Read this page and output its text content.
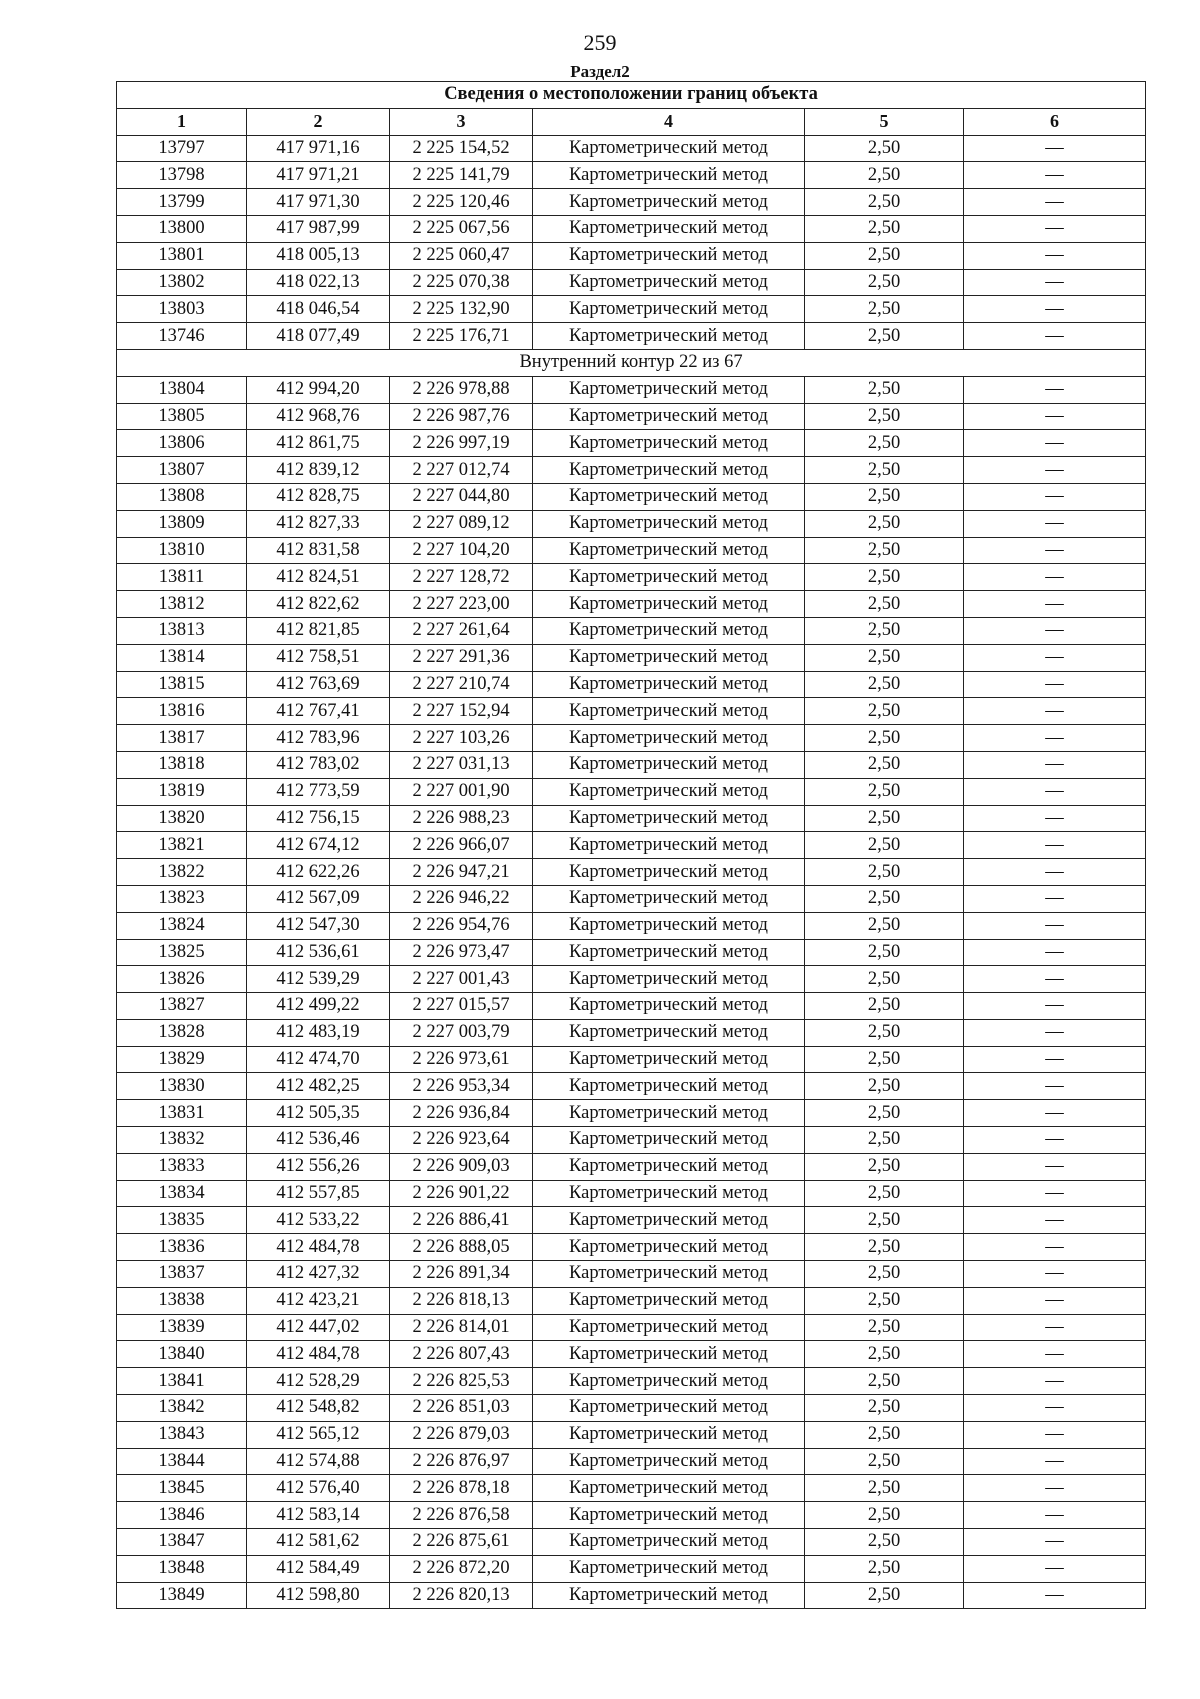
259
Раздел2
Сведения о местоположении границ объекта					
1	2	3	4	5	6
13797	417 971,16	2 225 154,52	Картометрический метод	2,50	—
13798	417 971,21	2 225 141,79	Картометрический метод	2,50	—
13799	417 971,30	2 225 120,46	Картометрический метод	2,50	—
13800	417 987,99	2 225 067,56	Картометрический метод	2,50	—
13801	418 005,13	2 225 060,47	Картометрический метод	2,50	—
13802	418 022,13	2 225 070,38	Картометрический метод	2,50	—
13803	418 046,54	2 225 132,90	Картометрический метод	2,50	—
13746	418 077,49	2 225 176,71	Картометрический метод	2,50	—
Внутренний контур 22 из 67					
13804	412 994,20	2 226 978,88	Картометрический метод	2,50	—
13805	412 968,76	2 226 987,76	Картометрический метод	2,50	—
13806	412 861,75	2 226 997,19	Картометрический метод	2,50	—
13807	412 839,12	2 227 012,74	Картометрический метод	2,50	—
13808	412 828,75	2 227 044,80	Картометрический метод	2,50	—
13809	412 827,33	2 227 089,12	Картометрический метод	2,50	—
13810	412 831,58	2 227 104,20	Картометрический метод	2,50	—
13811	412 824,51	2 227 128,72	Картометрический метод	2,50	—
13812	412 822,62	2 227 223,00	Картометрический метод	2,50	—
13813	412 821,85	2 227 261,64	Картометрический метод	2,50	—
13814	412 758,51	2 227 291,36	Картометрический метод	2,50	—
13815	412 763,69	2 227 210,74	Картометрический метод	2,50	—
13816	412 767,41	2 227 152,94	Картометрический метод	2,50	—
13817	412 783,96	2 227 103,26	Картометрический метод	2,50	—
13818	412 783,02	2 227 031,13	Картометрический метод	2,50	—
13819	412 773,59	2 227 001,90	Картометрический метод	2,50	—
13820	412 756,15	2 226 988,23	Картометрический метод	2,50	—
13821	412 674,12	2 226 966,07	Картометрический метод	2,50	—
13822	412 622,26	2 226 947,21	Картометрический метод	2,50	—
13823	412 567,09	2 226 946,22	Картометрический метод	2,50	—
13824	412 547,30	2 226 954,76	Картометрический метод	2,50	—
13825	412 536,61	2 226 973,47	Картометрический метод	2,50	—
13826	412 539,29	2 227 001,43	Картометрический метод	2,50	—
13827	412 499,22	2 227 015,57	Картометрический метод	2,50	—
13828	412 483,19	2 227 003,79	Картометрический метод	2,50	—
13829	412 474,70	2 226 973,61	Картометрический метод	2,50	—
13830	412 482,25	2 226 953,34	Картометрический метод	2,50	—
13831	412 505,35	2 226 936,84	Картометрический метод	2,50	—
13832	412 536,46	2 226 923,64	Картометрический метод	2,50	—
13833	412 556,26	2 226 909,03	Картометрический метод	2,50	—
13834	412 557,85	2 226 901,22	Картометрический метод	2,50	—
13835	412 533,22	2 226 886,41	Картометрический метод	2,50	—
13836	412 484,78	2 226 888,05	Картометрический метод	2,50	—
13837	412 427,32	2 226 891,34	Картометрический метод	2,50	—
13838	412 423,21	2 226 818,13	Картометрический метод	2,50	—
13839	412 447,02	2 226 814,01	Картометрический метод	2,50	—
13840	412 484,78	2 226 807,43	Картометрический метод	2,50	—
13841	412 528,29	2 226 825,53	Картометрический метод	2,50	—
13842	412 548,82	2 226 851,03	Картометрический метод	2,50	—
13843	412 565,12	2 226 879,03	Картометрический метод	2,50	—
13844	412 574,88	2 226 876,97	Картометрический метод	2,50	—
13845	412 576,40	2 226 878,18	Картометрический метод	2,50	—
13846	412 583,14	2 226 876,58	Картометрический метод	2,50	—
13847	412 581,62	2 226 875,61	Картометрический метод	2,50	—
13848	412 584,49	2 226 872,20	Картометрический метод	2,50	—
13849	412 598,80	2 226 820,13	Картометрический метод	2,50	—
